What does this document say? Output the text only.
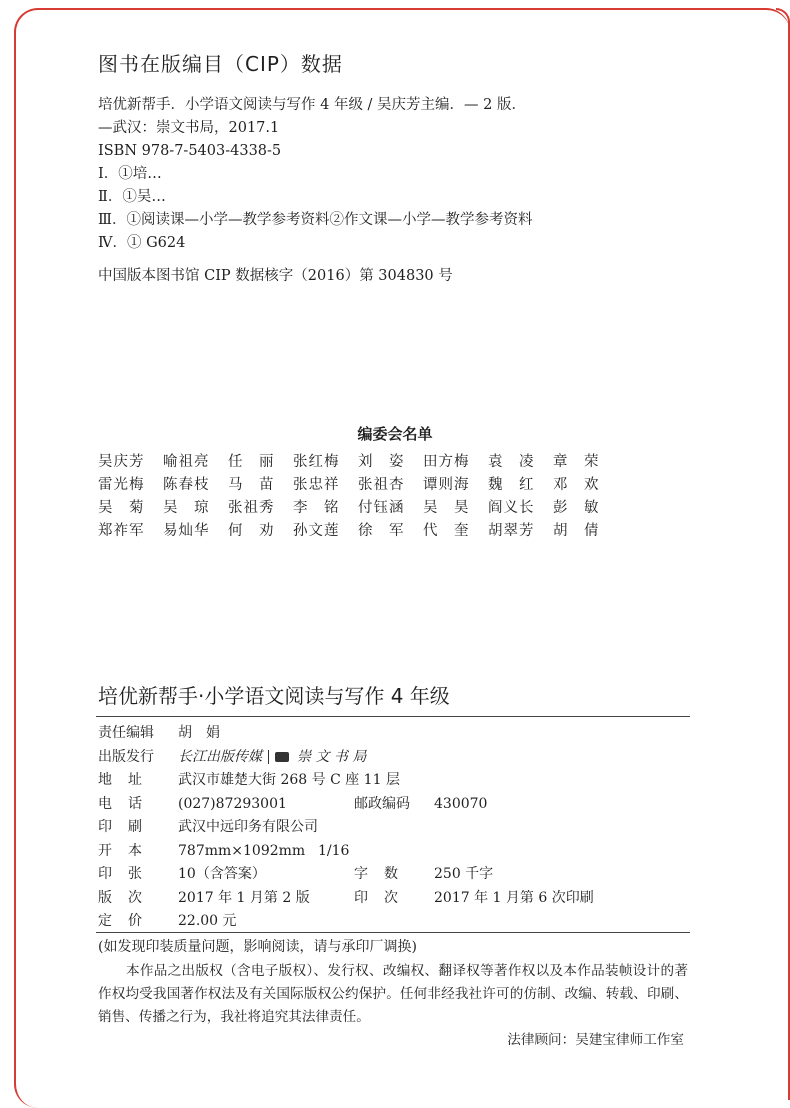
图书在版编目（CIP）数据
培优新帮手．小学语文阅读与写作 4 年级 / 吴庆芳主编．— 2 版．
—武汉：崇文书局，2017.1
ISBN 978-7-5403-4338-5
Ⅰ．①培…
Ⅱ．①吴…
Ⅲ．①阅读课—小学—教学参考资料②作文课—小学—教学参考资料
Ⅳ．① G624
中国版本图书馆 CIP 数据核字（2016）第 304830 号
编委会名单
吴庆芳	喻祖亮	任　丽	张红梅	刘　姿	田方梅	袁　凌	章　荣
雷光梅	陈春枝	马　苗	张忠祥	张祖杏	谭则海	魏　红	邓　欢
吴　菊	吴　琼	张祖秀	李　铭	付钰涵	吴　昊	阎义长	彭　敏
郑祚军	易灿华	何　劝	孙文莲	徐　军	代　奎	胡翠芳	胡　倩
培优新帮手·小学语文阅读与写作 4 年级
责任编辑	胡　娟
出版发行	长江出版传媒	崇 文 书 局
地址	武汉市雄楚大街 268 号 C 座 11 层
电话	(027)87293001	邮政编码	430070
印刷	武汉中远印务有限公司
开本	787mm×1092mm 1/16
印张	10（含答案）	字数	250 千字
版次	2017 年 1 月第 2 版	印次	2017 年 1 月第 6 次印刷
定价	22.00 元
(如发现印装质量问题，影响阅读，请与承印厂调换)
本作品之出版权（含电子版权）、发行权、改编权、翻译权等著作权以及本作品装帧设计的著作权均受我国著作权法及有关国际版权公约保护。任何非经我社许可的仿制、改编、转载、印刷、销售、传播之行为，我社将追究其法律责任。
法律顾问：吴建宝律师工作室
